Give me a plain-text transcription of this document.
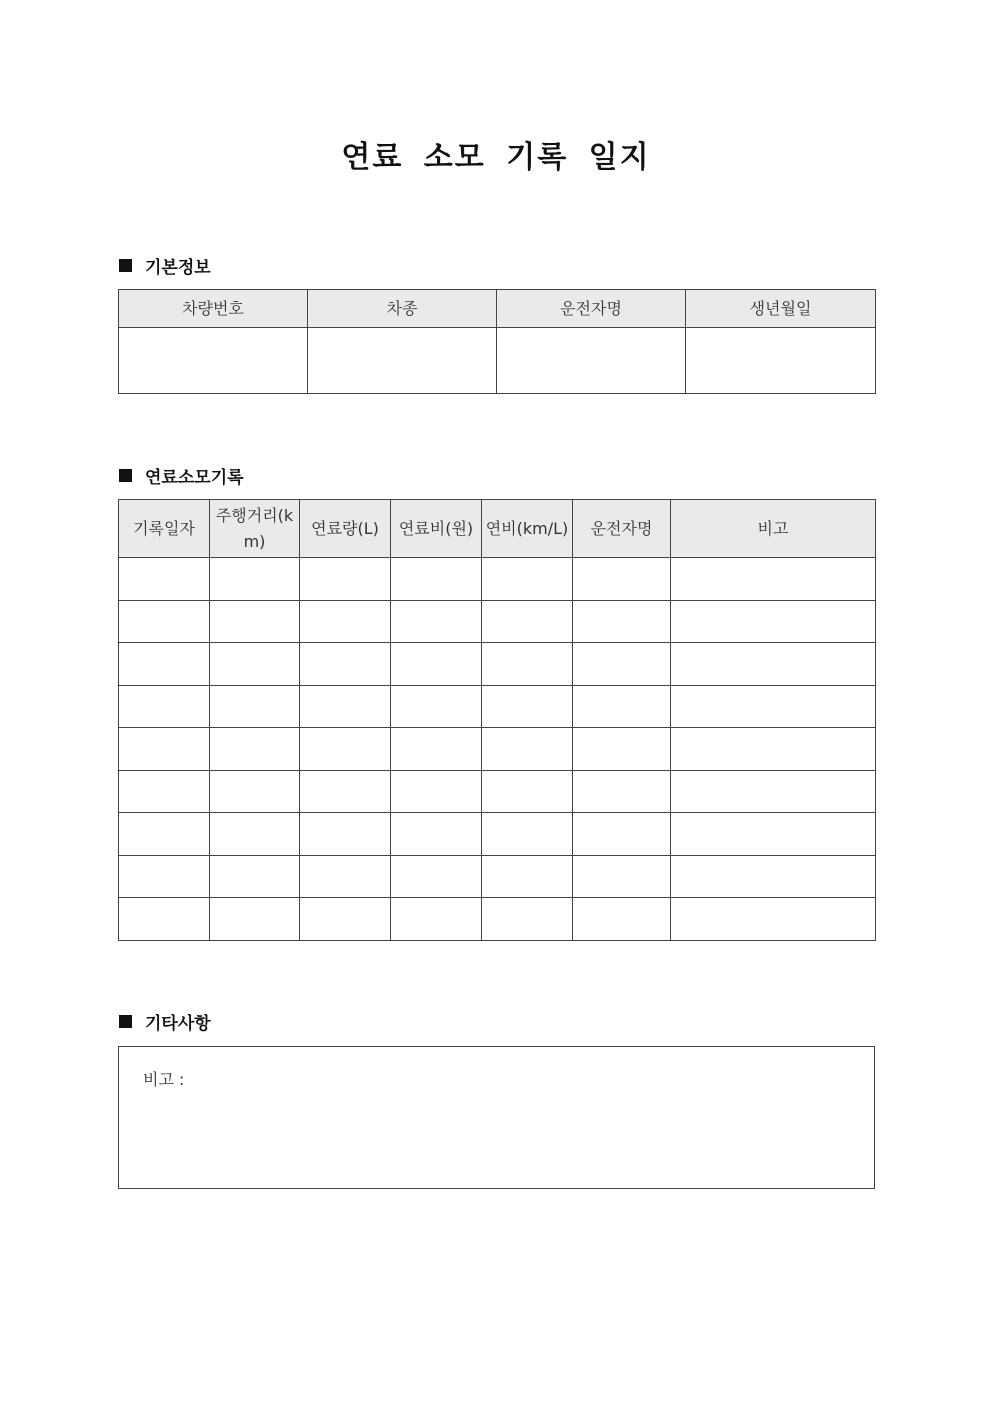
연료 소모 기록 일지
기본정보
차량번호	차종	운전자명	생년월일

연료소모기록
기록일자	주행거리(km)	연료량(L)	연료비(원)	연비(km/L)	운전자명	비고

기타사항
비고 :
